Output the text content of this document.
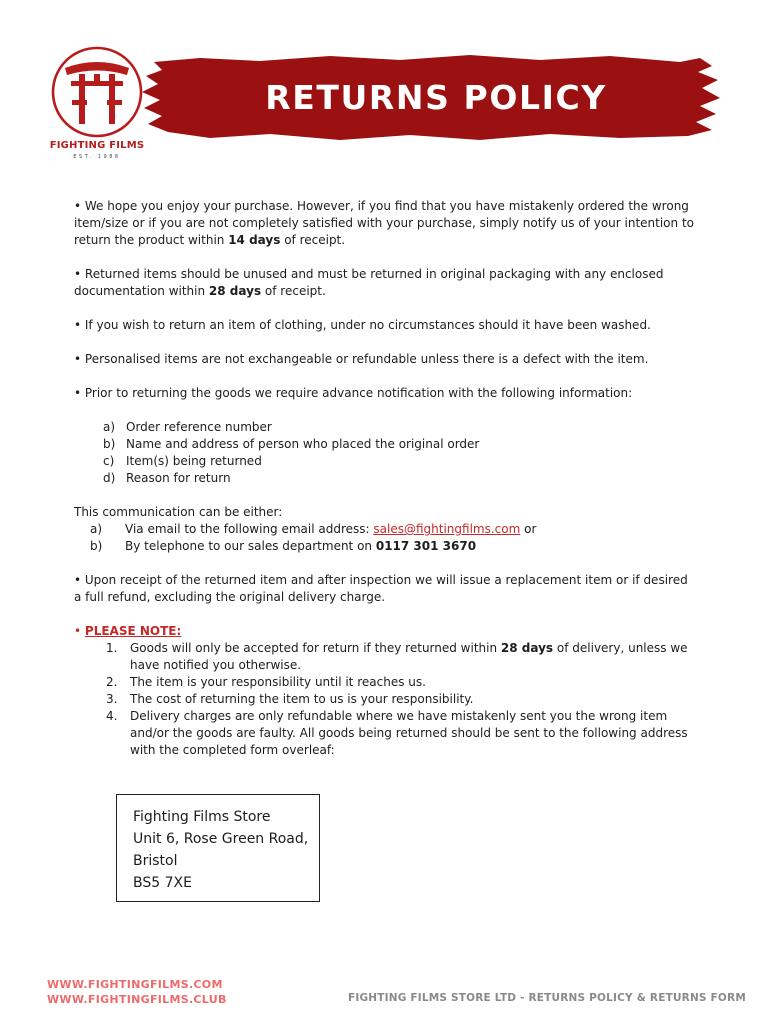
FIGHTING FILMS
EST. 1988
RETURNS POLICY

• We hope you enjoy your purchase. However, if you find that you have mistakenly ordered the wrong item/size or if you are not completely satisfied with your purchase, simply notify us of your intention to return the product within 14 days of receipt.

• Returned items should be unused and must be returned in original packaging with any enclosed documentation within 28 days of receipt.

• If you wish to return an item of clothing, under no circumstances should it have been washed.

• Personalised items are not exchangeable or refundable unless there is a defect with the item.

• Prior to returning the goods we require advance notification with the following information:

a) Order reference number
b) Name and address of person who placed the original order
c) Item(s) being returned
d) Reason for return
This communication can be either:
a) Via email to the following email address: sales@fightingfilms.com or
b) By telephone to our sales department on 0117 301 3670

• Upon receipt of the returned item and after inspection we will issue a replacement item or if desired a full refund, excluding the original delivery charge.

• PLEASE NOTE:
1. Goods will only be accepted for return if they returned within 28 days of delivery, unless we have notified you otherwise.
2. The item is your responsibility until it reaches us.
3. The cost of returning the item to us is your responsibility.
4. Delivery charges are only refundable where we have mistakenly sent you the wrong item and/or the goods are faulty. All goods being returned should be sent to the following address with the completed form overleaf:
Fighting Films Store
Unit 6, Rose Green Road,
Bristol
BS5 7XE
WWW.FIGHTINGFILMS.COM
WWW.FIGHTINGFILMS.CLUB	FIGHTING FILMS STORE LTD - RETURNS POLICY & RETURNS FORM
